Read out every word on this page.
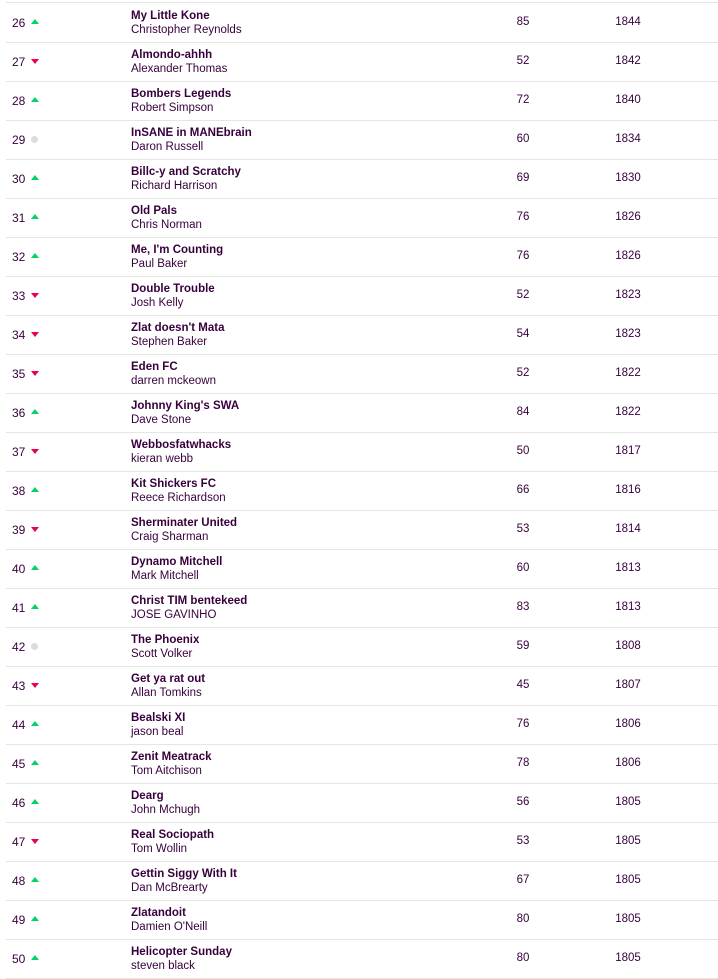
26	My Little Kone
Christopher Reynolds
85	1844
27	Almondo-ahhh
Alexander Thomas
52	1842
28	Bombers Legends
Robert Simpson
72	1840
29	InSANE in MANEbrain
Daron Russell
60	1834
30	Billc-y and Scratchy
Richard Harrison
69	1830
31	Old Pals
Chris Norman
76	1826
32	Me, I'm Counting
Paul Baker
76	1826
33	Double Trouble
Josh Kelly
52	1823
34	Zlat doesn't Mata
Stephen Baker
54	1823
35	Eden FC
darren mckeown
52	1822
36	Johnny King's SWA
Dave Stone
84	1822
37	Webbosfatwhacks
kieran webb
50	1817
38	Kit Shickers FC
Reece Richardson
66	1816
39	Sherminater United
Craig Sharman
53	1814
40	Dynamo Mitchell
Mark Mitchell
60	1813
41	Christ TIM bentekeed
JOSE GAVINHO
83	1813
42	The Phoenix
Scott Volker
59	1808
43	Get ya rat out
Allan Tomkins
45	1807
44	Bealski XI
jason beal
76	1806
45	Zenit Meatrack
Tom Aitchison
78	1806
46	Dearg
John Mchugh
56	1805
47	Real Sociopath
Tom Wollin
53	1805
48	Gettin Siggy With It
Dan McBrearty
67	1805
49	Zlatandoit
Damien O'Neill
80	1805
50	Helicopter Sunday
steven black
80	1805
